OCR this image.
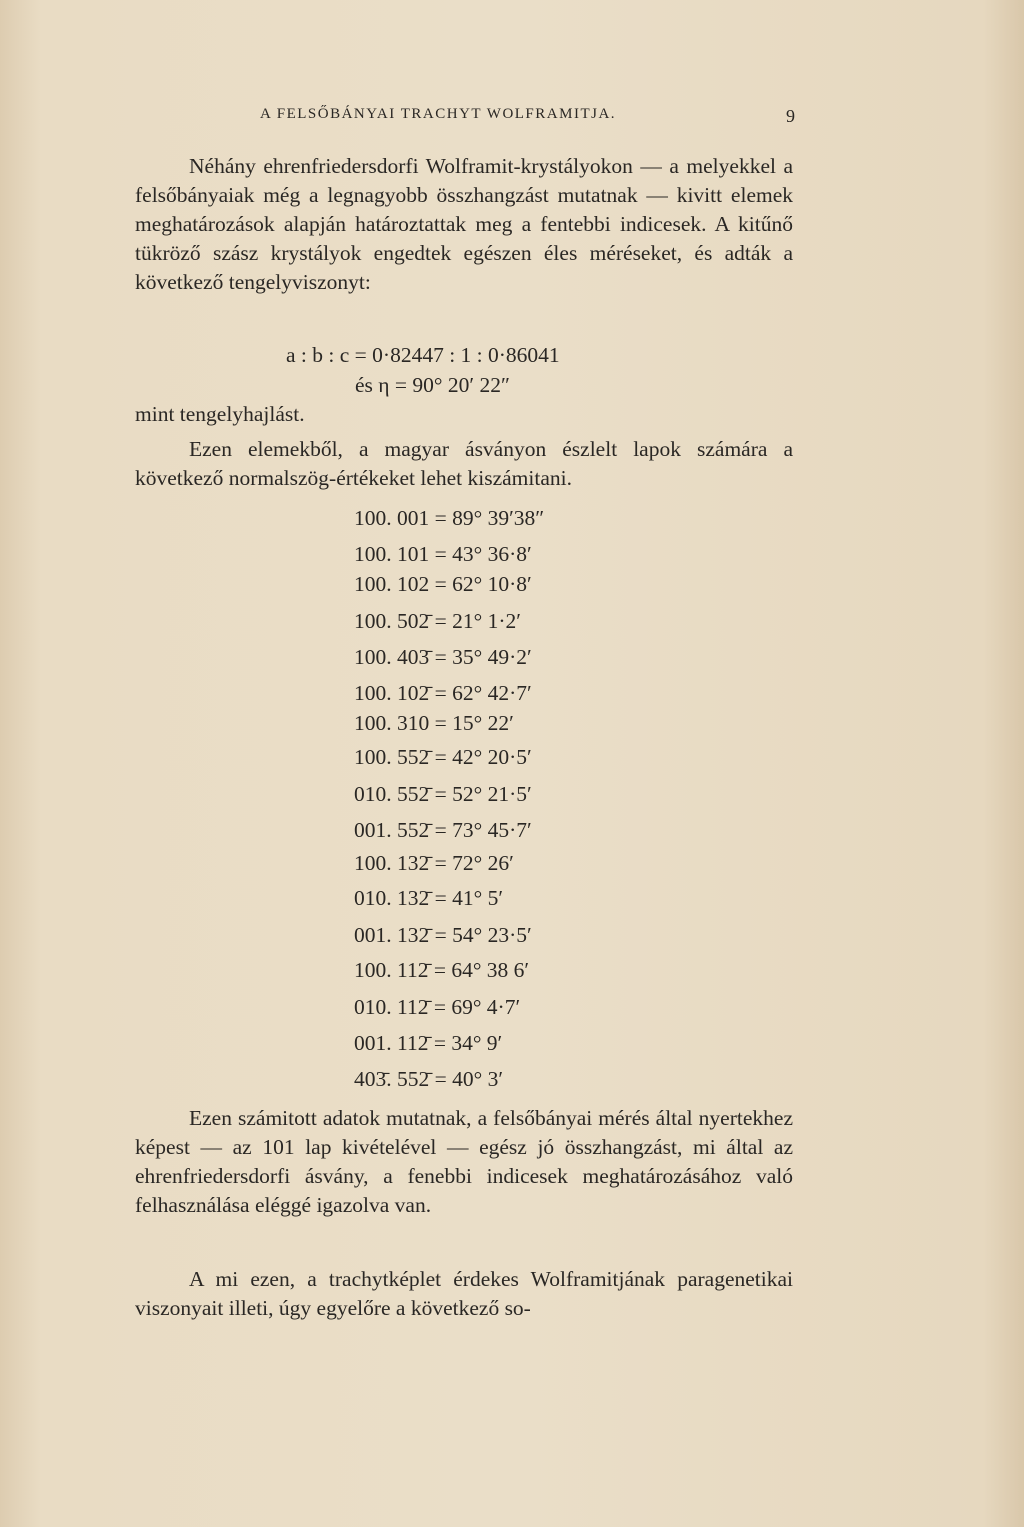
A FELSŐBÁNYAI TRACHYT WOLFRAMITJA.	9

Néhány ehrenfriedersdorfi Wolframit-krystályokon — a melyekkel a felsőbányaiak még a legnagyobb összhangzást mutatnak — kivitt elemek meghatározások alapján határoztattak meg a fentebbi indicesek. A kitűnő tükröző szász krystályok engedtek egészen éles méréseket, és adták a következő tengelyviszonyt:

a : b : c = 0·82447 : 1 : 0·86041
és η = 90° 20′ 22″
mint tengelyhajlást.

Ezen elemekből, a magyar ásványon észlelt lapok számára a következő normalszög-értékeket lehet kiszámitani.

100. 001 = 89° 39′38″
100. 101 = 43° 36·8′
100. 102 = 62° 10·8′
100. 502̄ = 21° 1·2′
100. 403̄ = 35° 49·2′
100. 102̄ = 62° 42·7′
100. 310 = 15° 22′
100. 552̄ = 42° 20·5′
010. 552̄ = 52° 21·5′
001. 552̄ = 73° 45·7′
100. 132̄ = 72° 26′
010. 132̄ = 41° 5′
001. 132̄ = 54° 23·5′
100. 112̄ = 64° 38 6′
010. 112̄ = 69° 4·7′
001. 112̄ = 34° 9′
403̄. 552̄ = 40° 3′

Ezen számitott adatok mutatnak, a felsőbányai mérés által nyertekhez képest — az 101 lap kivételével — egész jó összhangzást, mi által az ehrenfriedersdorfi ásvány, a fenebbi indicesek meghatározásához való felhasználása eléggé igazolva van.

A mi ezen, a trachytképlet érdekes Wolframitjának paragenetikai viszonyait illeti, úgy egyelőre a következő so-
